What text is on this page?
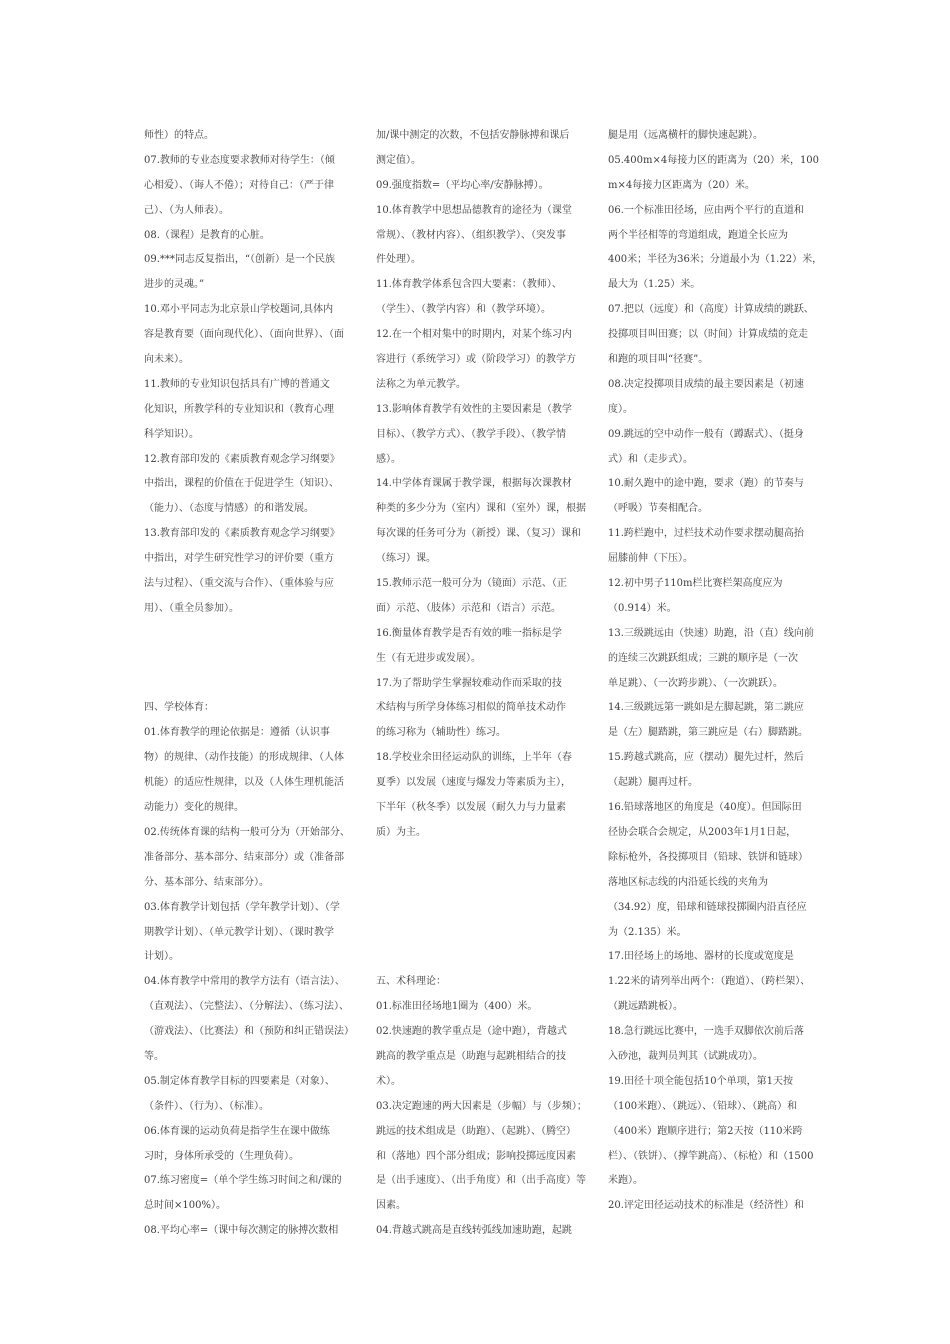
师性）的特点。
07.教师的专业态度要求教师对待学生：（倾
心相爱）、（诲人不倦）；对待自己：（严于律
己）、（为人师表）。
08.（课程）是教育的心脏。
09.***同志反复指出，“（创新）是一个民族
进步的灵魂。”
10.邓小平同志为北京景山学校题词,具体内
容是教育要（面向现代化）、（面向世界）、（面
向未来）。
11.教师的专业知识包括具有广博的普通文
化知识，所教学科的专业知识和（教育心理
科学知识）。
12.教育部印发的《素质教育观念学习纲要》
中指出，课程的价值在于促进学生（知识）、
（能力）、（态度与情感）的和谐发展。
13.教育部印发的《素质教育观念学习纲要》
中指出，对学生研究性学习的评价要（重方
法与过程）、（重交流与合作）、（重体验与应
用）、（重全员参加）。
四、学校体育：
01.体育教学的理论依据是：遵循（认识事
物）的规律、（动作技能）的形成规律、（人体
机能）的适应性规律，以及（人体生理机能活
动能力）变化的规律。
02.传统体育课的结构一般可分为（开始部分、
准备部分、基本部分、结束部分）或（准备部
分、基本部分、结束部分）。
03.体育教学计划包括（学年教学计划）、（学
期教学计划）、（单元教学计划）、（课时教学
计划）。
04.体育教学中常用的教学方法有（语言法）、
（直观法）、（完整法）、（分解法）、（练习法）、
（游戏法）、（比赛法）和（预防和纠正错误法）
等。
05.制定体育教学目标的四要素是（对象）、
（条件）、（行为）、（标准）。
06.体育课的运动负荷是指学生在课中做练
习时，身体所承受的（生理负荷）。
07.练习密度=（单个学生练习时间之和/课的
总时间×100%）。
08.平均心率=（课中每次测定的脉搏次数相
加/课中测定的次数，不包括安静脉搏和课后
测定值）。
09.强度指数=（平均心率/安静脉搏）。
10.体育教学中思想品德教育的途径为（课堂
常规）、（教材内容）、（组织教学）、（突发事
件处理）。
11.体育教学体系包含四大要素：（教师）、
（学生）、（教学内容）和（教学环境）。
12.在一个相对集中的时期内，对某个练习内
容进行（系统学习）或（阶段学习）的教学方
法称之为单元教学。
13.影响体育教学有效性的主要因素是（教学
目标）、（教学方式）、（教学手段）、（教学情
感）。
14.中学体育课属于教学课，根据每次课教材
种类的多少分为（室内）课和（室外）课，根据
每次课的任务可分为（新授）课、（复习）课和
（练习）课。
15.教师示范一般可分为（镜面）示范、（正
面）示范、（肢体）示范和（语言）示范。
16.衡量体育教学是否有效的唯一指标是学
生（有无进步或发展）。
17.为了帮助学生掌握较难动作而采取的技
术结构与所学身体练习相似的简单技术动作
的练习称为（辅助性）练习。
18.学校业余田径运动队的训练，上半年（春
夏季）以发展（速度与爆发力等素质为主），
下半年（秋冬季）以发展（耐久力与力量素
质）为主。
五、术科理论：
01.标准田径场地1圈为（400）米。
02.快速跑的教学重点是（途中跑），背越式
跳高的教学重点是（助跑与起跳相结合的技
术）。
03.决定跑速的两大因素是（步幅）与（步频）；
跳远的技术组成是（助跑）、（起跳）、（腾空）
和（落地）四个部分组成；影响投掷远度因素
是（出手速度）、（出手角度）和（出手高度）等
因素。
04.背越式跳高是直线转弧线加速助跑，起跳
腿是用（远离横杆的脚快速起跳）。
05.400m×4每接力区的距离为（20）米，100
m×4每接力区距离为（20）米。
06.一个标准田径场，应由两个平行的直道和
两个半径相等的弯道组成，跑道全长应为
400米；半径为36米；分道最小为（1.22）米，
最大为（1.25）米。
07.把以（远度）和（高度）计算成绩的跳跃、
投掷项目叫田赛；以（时间）计算成绩的竞走
和跑的项目叫“径赛”。
08.决定投掷项目成绩的最主要因素是（初速
度）。
09.跳远的空中动作一般有（蹲踞式）、（挺身
式）和（走步式）。
10.耐久跑中的途中跑，要求（跑）的节奏与
（呼吸）节奏相配合。
11.跨栏跑中，过栏技术动作要求摆动腿高抬
屈膝前伸（下压）。
12.初中男子110m栏比赛栏架高度应为
（0.914）米。
13.三级跳远由（快速）助跑，沿（直）线向前
的连续三次跳跃组成；三跳的顺序是（一次
单足跳）、（一次跨步跳）、（一次跳跃）。
14.三级跳远第一跳如是左脚起跳，第二跳应
是（左）腿踏跳，第三跳应是（右）脚踏跳。
15.跨越式跳高，应（摆动）腿先过杆，然后
（起跳）腿再过杆。
16.铅球落地区的角度是（40度）。但国际田
径协会联合会规定，从2003年1月1日起，
除标枪外，各投掷项目（铅球、铁饼和链球）
落地区标志线的内沿延长线的夹角为
（34.92）度，铅球和链球投掷圈内沿直径应
为（2.135）米。
17.田径场上的场地、器材的长度或宽度是
1.22米的请列举出两个：（跑道）、（跨栏架）、
（跳远踏跳板）。
18.急行跳远比赛中，一选手双脚依次前后落
入砂池，裁判员判其（试跳成功）。
19.田径十项全能包括10个单项，第1天按
（100米跑）、（跳远）、（铅球）、（跳高）和
（400米）跑顺序进行；第2天按（110米跨
栏）、（铁饼）、（撑竿跳高）、（标枪）和（1500
米跑）。
20.评定田径运动技术的标准是（经济性）和
